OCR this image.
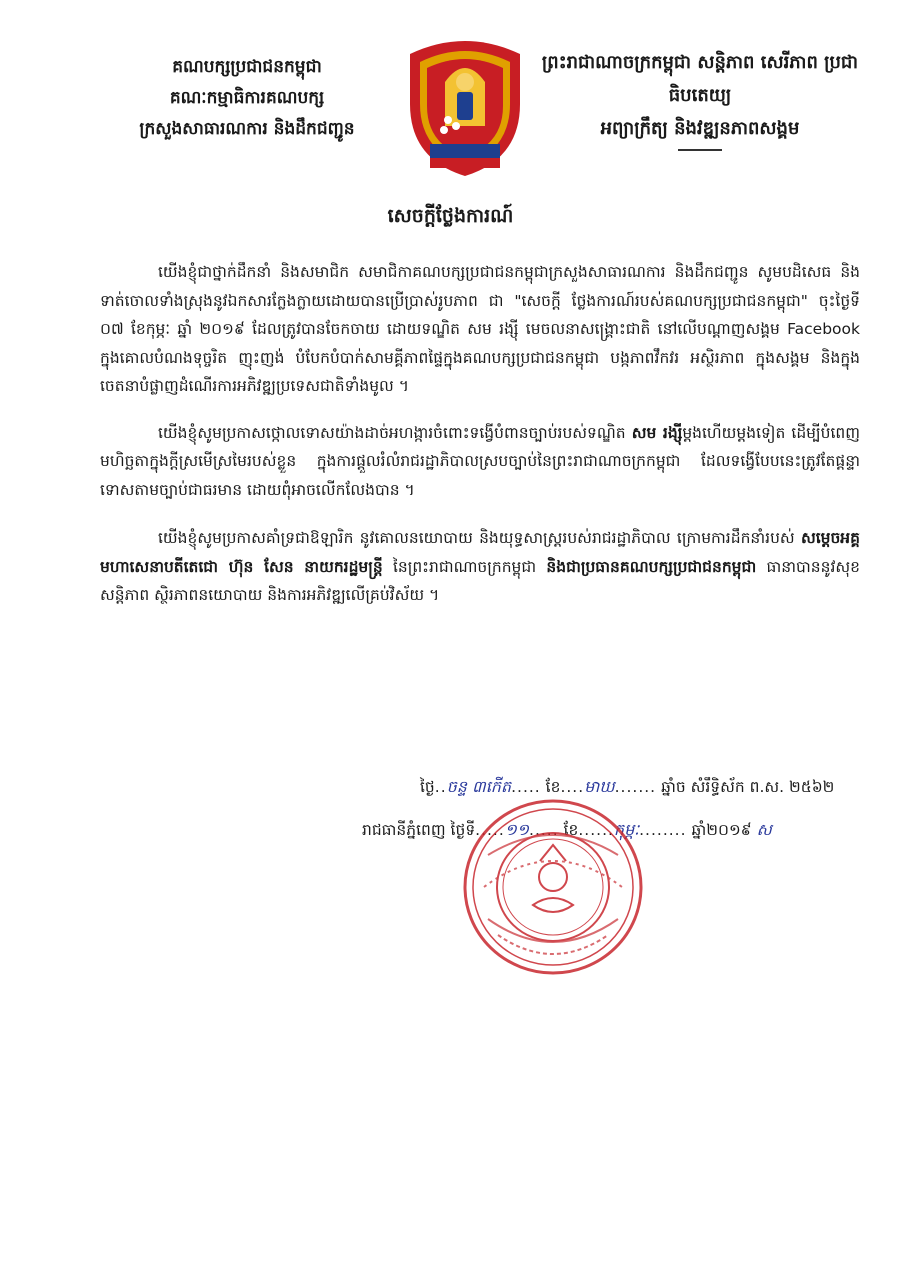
គណបក្សប្រជាជនកម្ពុជា
គណៈកម្មាធិការគណបក្ស
ក្រសួងសាធារណការ និងដឹកជញ្ជូន
ព្រះរាជាណាចក្រកម្ពុជា សន្តិភាព សេរីភាព ប្រជាធិបតេយ្យ
អព្យាក្រឹត្យ និងវឌ្ឍនភាពសង្គម
សេចក្តីថ្លែងការណ៍

យើងខ្ញុំជាថ្នាក់ដឹកនាំ និងសមាជិក សមាជិកាគណបក្សប្រជាជនកម្ពុជាក្រសួងសាធារណការ និងដឹកជញ្ជូន សូមបដិសេធ និងទាត់ចោលទាំងស្រុងនូវឯកសារក្លែងក្លាយដោយបានប្រើប្រាស់រូបភាព ជា "សេចក្តី ថ្លែងការណ៍របស់គណបក្សប្រជាជនកម្ពុជា" ចុះថ្ងៃទី ០៧ ខែកុម្ភៈ ឆ្នាំ ២០១៩ ដែលត្រូវបានចែកចាយ ដោយទណ្ឌិត សម រង្ស៊ី មេចលនាសង្គ្រោះជាតិ នៅលើបណ្តាញសង្គម Facebook ក្នុងគោលបំណងទុច្ចរិត ញុះញង់ បំបែកបំបាក់សាមគ្គីភាពផ្ទៃក្នុងគណបក្សប្រជាជនកម្ពុជា បង្កភាពវឹកវរ អស្ថិរភាព ក្នុងសង្គម និងក្នុងចេតនាបំផ្លាញដំណើរការអភិវឌ្ឍប្រទេសជាតិទាំងមូល ។

យើងខ្ញុំសូមប្រកាសថ្កោលទោសយ៉ាងដាច់អហង្ការចំពោះទង្វើបំពានច្បាប់របស់ទណ្ឌិត សម រង្ស៊ីម្តងហើយម្តងទៀត ដើម្បីបំពេញមហិច្ឆតាក្នុងក្តីស្រមើស្រមៃរបស់ខ្លួន ក្នុងការផ្តួលរំលំរាជរដ្ឋាភិបាលស្របច្បាប់នៃព្រះរាជាណាចក្រកម្ពុជា ដែលទង្វើបែបនេះត្រូវតែផ្តន្ទាទោសតាមច្បាប់ជាធរមាន ដោយពុំអាចលើកលែងបាន ។

យើងខ្ញុំសូមប្រកាសគាំទ្រជាឱឡារិក នូវគោលនយោបាយ និងយុទ្ធសាស្ត្ររបស់រាជរដ្ឋាភិបាល ក្រោមការដឹកនាំរបស់ សម្តេចអគ្គមហាសេនាបតីតេជោ ហ៊ុន សែន នាយករដ្ឋមន្ត្រី នៃព្រះរាជាណាចក្រកម្ពុជា និងជាប្រធានគណបក្សប្រជាជនកម្ពុជា ធានាបាននូវសុខសន្តិភាព ស្ថិរភាពនយោបាយ និងការអភិវឌ្ឍលើគ្រប់វិស័យ ។

ថ្ងៃ..ចន្ទ ៣កើត..... ខែ....មាឃ....... ឆ្នាំច សំរឹទ្ធិស័ក ព.ស. ២៥៦២
រាជធានីភ្នំពេញ ថ្ងៃទី.....១១..... ខែ......កុម្ភៈ........ ឆ្នាំ២០១៩ ស
